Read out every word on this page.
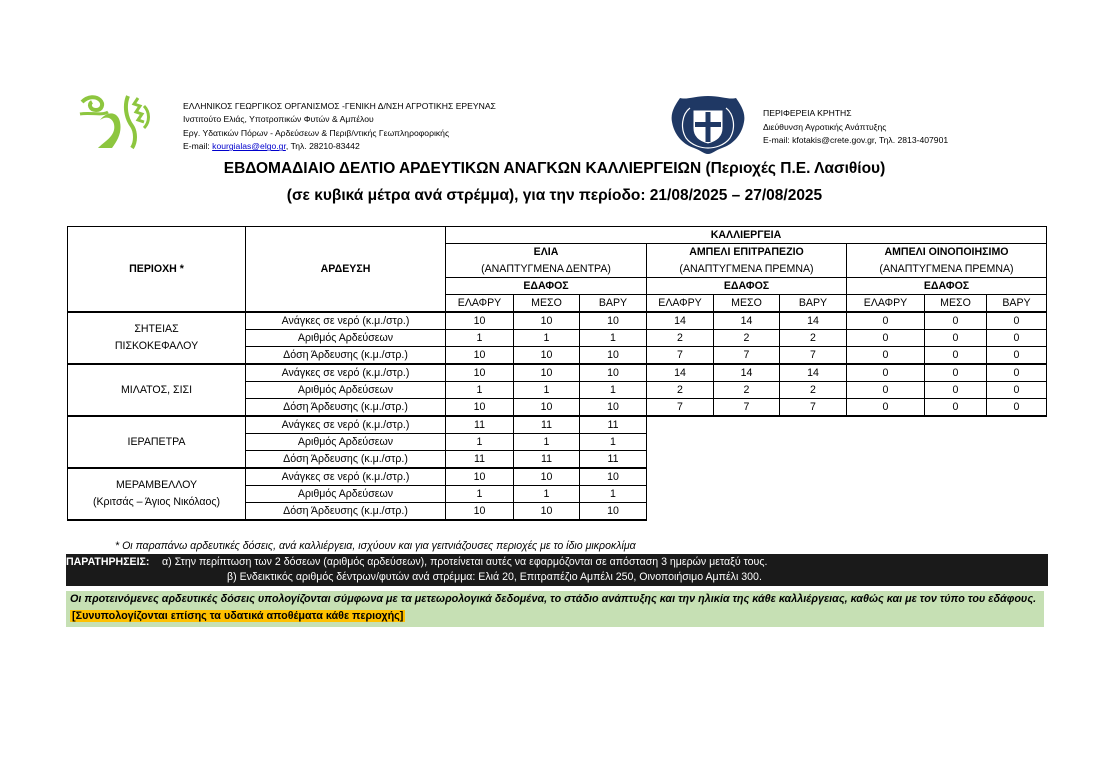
ΕΛΛΗΝΙΚΟΣ ΓΕΩΡΓΙΚΟΣ ΟΡΓΑΝΙΣΜΟΣ -ΓΕΝΙΚΗ Δ/ΝΣΗ ΑΓΡΟΤΙΚΗΣ ΕΡΕΥΝΑΣ
Ινστιτούτο Ελιάς, Υποτροπικών Φυτών & Αμπέλου
Εργ. Υδατικών Πόρων - Αρδεύσεων & Περιβ/ντικής Γεωπληροφορικής
E-mail: kourgialas@elgo.gr, Τηλ. 28210-83442
ΠΕΡΙΦΕΡΕΙΑ ΚΡΗΤΗΣ
Διεύθυνση Αγροτικής Ανάπτυξης
E-mail: kfotakis@crete.gov.gr, Τηλ. 2813-407901
ΕΒΔΟΜΑΔΙΑΙΟ ΔΕΛΤΙΟ ΑΡΔΕΥΤΙΚΩΝ ΑΝΑΓΚΩΝ ΚΑΛΛΙΕΡΓΕΙΩΝ (Περιοχές Π.Ε. Λασιθίου)
(σε κυβικά μέτρα ανά στρέμμα), για την περίοδο: 21/08/2025 – 27/08/2025
ΠΕΡΙΟΧΗ *	ΑΡΔΕΥΣΗ	ΚΑΛΛΙΕΡΓΕΙΑ								
		ΕΛΙΑ			ΑΜΠΕΛΙ ΕΠΙΤΡΑΠΕΖΙΟ			ΑΜΠΕΛΙ ΟΙΝΟΠΟΙΗΣΙΜΟ		
		(ΑΝΑΠΤΥΓΜΕΝΑ ΔΕΝΤΡΑ)			(ΑΝΑΠΤΥΓΜΕΝΑ ΠΡΕΜΝΑ)			(ΑΝΑΠΤΥΓΜΕΝΑ ΠΡΕΜΝΑ)		
		ΕΔΑΦΟΣ			ΕΔΑΦΟΣ			ΕΔΑΦΟΣ		
		ΕΛΑΦΡΥ	ΜΕΣΟ	ΒΑΡΥ	ΕΛΑΦΡΥ	ΜΕΣΟ	ΒΑΡΥ	ΕΛΑΦΡΥ	ΜΕΣΟ	ΒΑΡΥ

ΣΗΤΕΙΑΣ
ΠΙΣΚΟΚΕΦΑΛΟΥ	Ανάγκες σε νερό (κ.μ./στρ.)	10	10	10	14	14	14	0	0	0
	Αριθμός Αρδεύσεων	1	1	1	2	2	2	0	0	0
	Δόση Άρδευσης (κ.μ./στρ.)	10	10	10	7	7	7	0	0	0

ΜΙΛΑΤΟΣ, ΣΙΣΙ	Ανάγκες σε νερό (κ.μ./στρ.)	10	10	10	14	14	14	0	0	0
	Αριθμός Αρδεύσεων	1	1	1	2	2	2	0	0	0
	Δόση Άρδευσης (κ.μ./στρ.)	10	10	10	7	7	7	0	0	0

ΙΕΡΑΠΕΤΡΑ	Ανάγκες σε νερό (κ.μ./στρ.)	11	11	11						
	Αριθμός Αρδεύσεων	1	1	1						
	Δόση Άρδευσης (κ.μ./στρ.)	11	11	11						

ΜΕΡΑΜΒΕΛΛΟΥ
(Κριτσάς – Άγιος Νικόλαος)	Ανάγκες σε νερό (κ.μ./στρ.)	10	10	10						
	Αριθμός Αρδεύσεων	1	1	1						
	Δόση Άρδευσης (κ.μ./στρ.)	10	10	10						
* Οι παραπάνω αρδευτικές δόσεις, ανά καλλιέργεια, ισχύουν και για γειτνιάζουσες περιοχές με το ίδιο μικροκλίμα
ΠΑΡΑΤΗΡΗΣΕΙΣ: α) Στην περίπτωση των 2 δόσεων (αριθμός αρδεύσεων), προτείνεται αυτές να εφαρμόζονται σε απόσταση 3 ημερών μεταξύ τους.
β) Ενδεικτικός αριθμός δέντρων/φυτών ανά στρέμμα: Ελιά 20, Επιτραπέζιο Αμπέλι 250, Οινοποιήσιμο Αμπέλι 300.
Οι προτεινόμενες αρδευτικές δόσεις υπολογίζονται σύμφωνα με τα μετεωρολογικά δεδομένα, το στάδιο ανάπτυξης και την ηλικία της κάθε καλλιέργειας, καθώς και με τον τύπο του εδάφους. [Συνυπολογίζονται επίσης τα υδατικά αποθέματα κάθε περιοχής]
